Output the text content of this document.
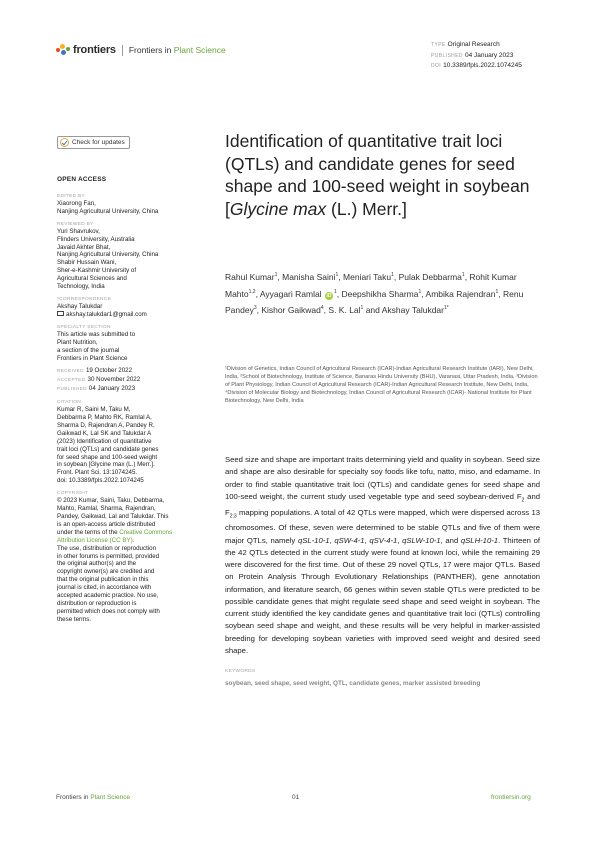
frontiers Frontiers in Plant Science	TYPE Original Research
PUBLISHED 04 January 2023
DOI 10.3389/fpls.2022.1074245
Check for updates
OPEN ACCESS
EDITED BY
Xiaorong Fan,
Nanjing Agricultural University, China
REVIEWED BY
Yuri Shavrukov,
Flinders University, Australia
Javaid Akhter Bhat,
Nanjing Agricultural University, China
Shabir Hussain Wani,
Sher-e-Kashmir University of
Agricultural Sciences and
Technology, India
*CORRESPONDENCE
Akshay Talukdar
akshay.talukdar1@gmail.com
SPECIALTY SECTION
This article was submitted to
Plant Nutrition,
a section of the journal
Frontiers in Plant Science
RECEIVED 19 October 2022
ACCEPTED 30 November 2022
PUBLISHED 04 January 2023
CITATION
Kumar R, Saini M, Taku M,
Debbarma P, Mahto RK, Ramlal A,
Sharma D, Rajendran A, Pandey R,
Gaikwad K, Lal SK and Talukdar A
(2023) Identification of quantitative
trait loci (QTLs) and candidate genes
for seed shape and 100-seed weight
in soybean [Glycine max (L.) Merr.].
Front. Plant Sci. 13:1074245.
doi: 10.3389/fpls.2022.1074245
COPYRIGHT
© 2023 Kumar, Saini, Taku, Debbarma,
Mahto, Ramlal, Sharma, Rajendran,
Pandey, Gaikwad, Lal and Talukdar. This
is an open-access article distributed
under the terms of the Creative Commons Attribution License (CC BY).
The use, distribution or reproduction
in other forums is permitted, provided
the original author(s) and the
copyright owner(s) are credited and
that the original publication in this
journal is cited, in accordance with
accepted academic practice. No use,
distribution or reproduction is
permitted which does not comply with
these terms.
Identification of quantitative trait loci (QTLs) and candidate genes for seed shape and 100-seed weight in soybean [Glycine max (L.) Merr.]
Rahul Kumar$^1$, Manisha Saini$^1$, Meniari Taku$^1$, Pulak Debbarma$^1$, Rohit Kumar Mahto$^{1,2}$, Ayyagari Ramlal $iD^1$, Deepshikha Sharma$^1$, Ambika Rajendran$^1$, Renu Pandey$^3$, Kishor Gaikwad$^4$, S. K. Lal$^1$ and Akshay Talukdar$^{1*}$
¹Division of Genetics, Indian Council of Agricultural Research (ICAR)-Indian Agricultural Research Institute (IARI), New Delhi, India, ²School of Biotechnology, Institute of Science, Banaras Hindu University (BHU), Varanasi, Uttar Pradesh, India, ³Division of Plant Physiology, Indian Council of Agricultural Research (ICAR)-Indian Agricultural Research Institute, New Delhi, India, ⁴Division of Molecular Biology and Biotechnology, Indian Council of Agricultural Research (ICAR)- National Institute for Plant Biotechnology, New Delhi, India
Seed size and shape are important traits determining yield and quality in soybean. Seed size and shape are also desirable for specialty soy foods like tofu, natto, miso, and edamame. In order to find stable quantitative trait loci (QTLs) and candidate genes for seed shape and 100-seed weight, the current study used vegetable type and seed soybean-derived $F_2$ and $F_{2:3}$ mapping populations. A total of 42 QTLs were mapped, which were dispersed across 13 chromosomes. Of these, seven were determined to be stable QTLs and five of them were major QTLs, namely qSL-10-1, qSW-4-1, qSV-4-1, qSLW-10-1, and qSLH-10-1. Thirteen of the 42 QTLs detected in the current study were found at known loci, while the remaining 29 were discovered for the first time. Out of these 29 novel QTLs, 17 were major QTLs. Based on Protein Analysis Through Evolutionary Relationships (PANTHER), gene annotation information, and literature search, 66 genes within seven stable QTLs were predicted to be possible candidate genes that might regulate seed shape and seed weight in soybean. The current study identified the key candidate genes and quantitative trait loci (QTLs) controlling soybean seed shape and weight, and these results will be very helpful in marker-assisted breeding for developing soybean varieties with improved seed weight and desired seed shape.
KEYWORDS
soybean, seed shape, seed weight, QTL, candidate genes, marker assisted breeding
Frontiers in Plant Science	01	frontiersin.org
